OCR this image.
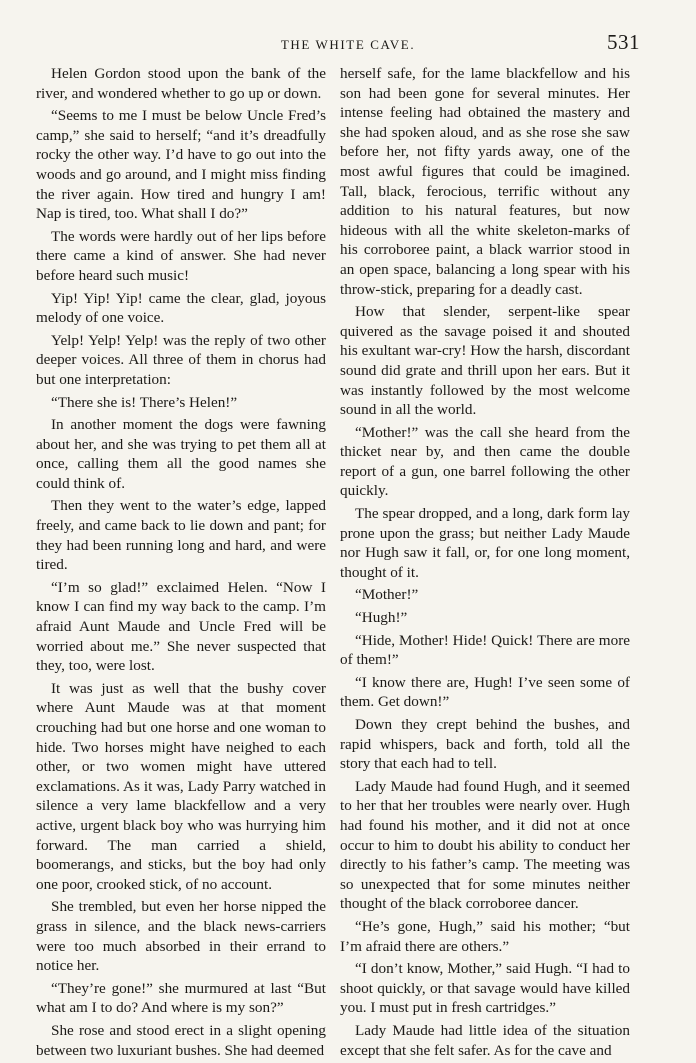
THE WHITE CAVE.	531

Helen Gordon stood upon the bank of the river, and wondered whether to go up or down.

“Seems to me I must be below Uncle Fred’s camp,” she said to herself; “and it’s dreadfully rocky the other way. I’d have to go out into the woods and go around, and I might miss finding the river again. How tired and hungry I am! Nap is tired, too. What shall I do?”

The words were hardly out of her lips before there came a kind of answer. She had never before heard such music!

Yip! Yip! Yip! came the clear, glad, joyous melody of one voice.

Yelp! Yelp! Yelp! was the reply of two other deeper voices. All three of them in chorus had but one interpretation:

“There she is! There’s Helen!”

In another moment the dogs were fawning about her, and she was trying to pet them all at once, calling them all the good names she could think of.

Then they went to the water’s edge, lapped freely, and came back to lie down and pant; for they had been running long and hard, and were tired.

“I’m so glad!” exclaimed Helen. “Now I know I can find my way back to the camp. I’m afraid Aunt Maude and Uncle Fred will be worried about me.” She never suspected that they, too, were lost.

It was just as well that the bushy cover where Aunt Maude was at that moment crouching had but one horse and one woman to hide. Two horses might have neighed to each other, or two women might have uttered exclamations. As it was, Lady Parry watched in silence a very lame blackfellow and a very active, urgent black boy who was hurrying him forward. The man carried a shield, boomerangs, and sticks, but the boy had only one poor, crooked stick, of no account.

She trembled, but even her horse nipped the grass in silence, and the black news-carriers were too much absorbed in their errand to notice her.

“They’re gone!” she murmured at last “But what am I to do? And where is my son?”

She rose and stood erect in a slight opening between two luxuriant bushes. She had deemed

herself safe, for the lame blackfellow and his son had been gone for several minutes. Her intense feeling had obtained the mastery and she had spoken aloud, and as she rose she saw before her, not fifty yards away, one of the most awful figures that could be imagined. Tall, black, ferocious, terrific without any addition to his natural features, but now hideous with all the white skeleton-marks of his corroboree paint, a black warrior stood in an open space, balancing a long spear with his throw-stick, preparing for a deadly cast.

How that slender, serpent-like spear quivered as the savage poised it and shouted his exultant war-cry! How the harsh, discordant sound did grate and thrill upon her ears. But it was instantly followed by the most welcome sound in all the world.

“Mother!” was the call she heard from the thicket near by, and then came the double report of a gun, one barrel following the other quickly.

The spear dropped, and a long, dark form lay prone upon the grass; but neither Lady Maude nor Hugh saw it fall, or, for one long moment, thought of it.

“Mother!”

“Hugh!”

“Hide, Mother! Hide! Quick! There are more of them!”

“I know there are, Hugh! I’ve seen some of them. Get down!”

Down they crept behind the bushes, and rapid whispers, back and forth, told all the story that each had to tell.

Lady Maude had found Hugh, and it seemed to her that her troubles were nearly over. Hugh had found his mother, and it did not at once occur to him to doubt his ability to conduct her directly to his father’s camp. The meeting was so unexpected that for some minutes neither thought of the black corroboree dancer.

“He’s gone, Hugh,” said his mother; “but I’m afraid there are others.”

“I don’t know, Mother,” said Hugh. “I had to shoot quickly, or that savage would have killed you. I must put in fresh cartridges.”

Lady Maude had little idea of the situation except that she felt safer. As for the cave and
